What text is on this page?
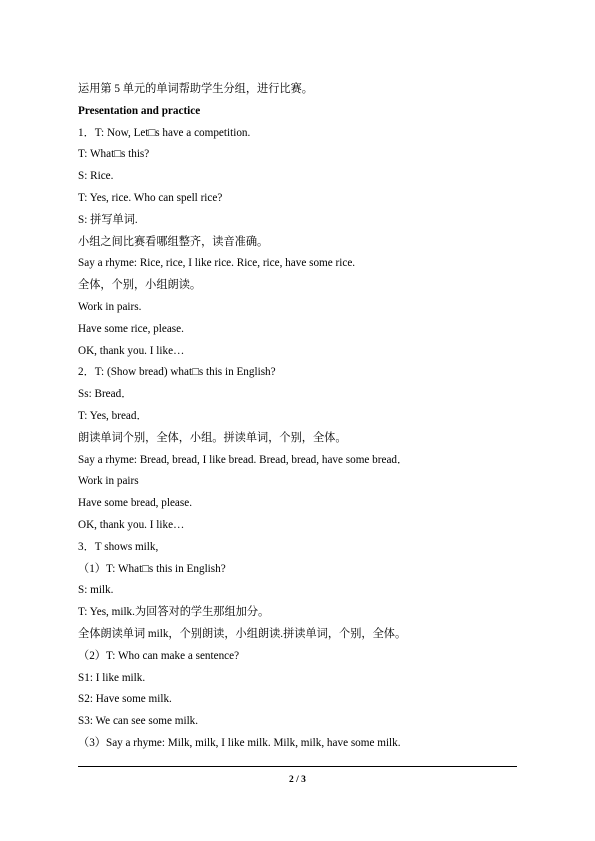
运用第 5 单元的单词帮助学生分组，进行比赛。
Presentation and practice
1．T: Now, Let□s have a competition.
T: What□s this?
S: Rice.
T: Yes, rice. Who can spell rice?
S: 拼写单词.
小组之间比赛看哪组整齐，读音准确。
Say a rhyme: Rice, rice, I like rice. Rice, rice, have some rice.
全体，个别，小组朗读。
Work in pairs.
Have some rice, please.
OK, thank you. I like…
2．T: (Show bread) what□s this in English?
Ss: Bread．
T: Yes, bread．
朗读单词个别，全体，小组。拼读单词，个别，全体。
Say a rhyme: Bread, bread, I like bread. Bread, bread, have some bread．
Work in pairs
Have some bread, please.
OK, thank you. I like…
3．T shows milk,
（1）T: What□s this in English?
S: milk.
T: Yes, milk.为回答对的学生那组加分。
全体朗读单词 milk，个别朗读，小组朗读.拼读单词，个别，全体。
（2）T: Who can make a sentence?
S1: I like milk.
S2: Have some milk.
S3: We can see some milk.
（3）Say a rhyme: Milk, milk, I like milk. Milk, milk, have some milk.
2 / 3
